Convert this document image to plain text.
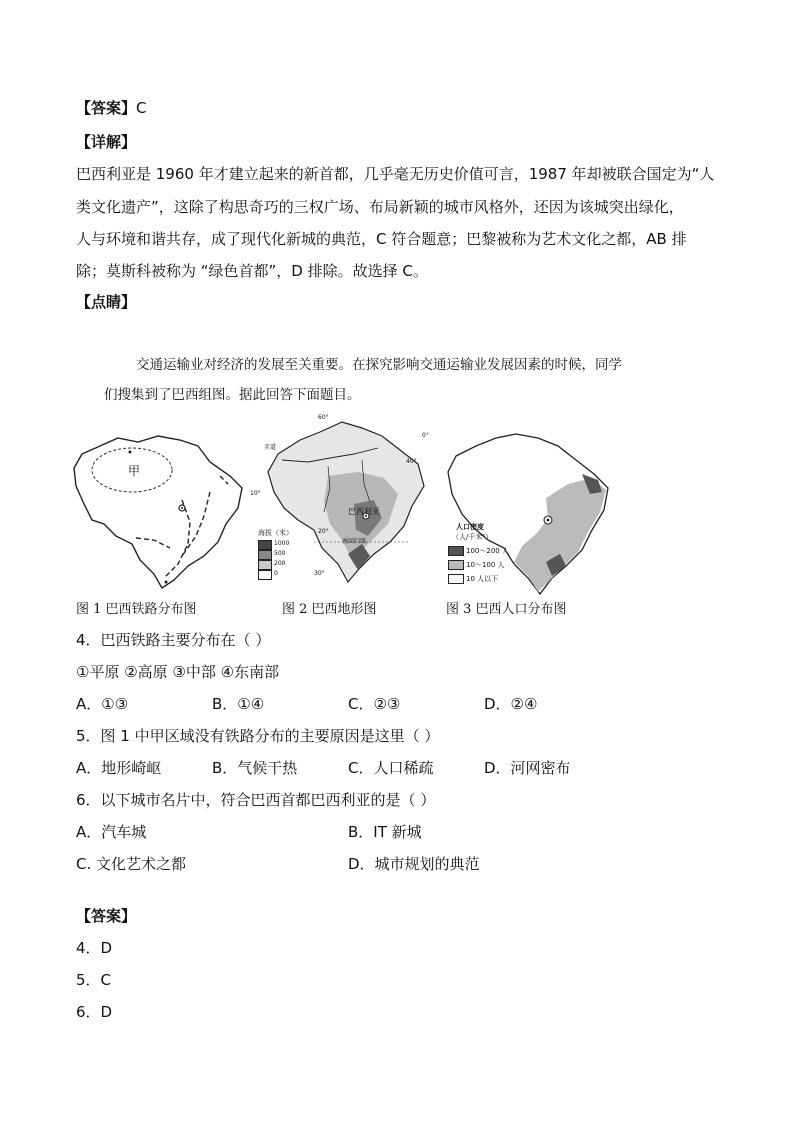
【答案】C
【详解】
巴西利亚是 1960 年才建立起来的新首都，几乎毫无历史价值可言，1987 年却被联合国定为“人
类文化遗产”，这除了构思奇巧的三权广场、布局新颖的城市风格外，还因为该城突出绿化，
人与环境和谐共存，成了现代化新城的典范，C 符合题意；巴黎被称为艺术文化之都，AB 排
除；莫斯科被称为 “绿色首都”，D 排除。故选择 C。
【点睛】
交通运输业对经济的发展至关重要。在探究影响交通运输业发展因素的时候，同学
们搜集到了巴西组图。据此回答下面题目。
甲
赤道
60°
40°
10°
20°
30°
0°
巴西利亚
南回归线
海拔（米）
1000
500
200
0
人口密度
（人/千米²）
100～200 人
10～100 人
10 人以下
图 1 巴西铁路分布图	图 2 巴西地形图	图 3 巴西人口分布图
4．巴西铁路主要分布在（ ）
①平原 ②高原 ③中部 ④东南部
A．①③	B．①④	C．②③	D．②④
5．图 1 中甲区域没有铁路分布的主要原因是这里（ ）
A．地形崎岖	B．气候干热	C．人口稀疏	D．河网密布
6．以下城市名片中，符合巴西首都巴西利亚的是（ ）
A．汽车城	B．IT 新城
C. 文化艺术之都	D．城市规划的典范
【答案】
4．D
5．C
6．D
